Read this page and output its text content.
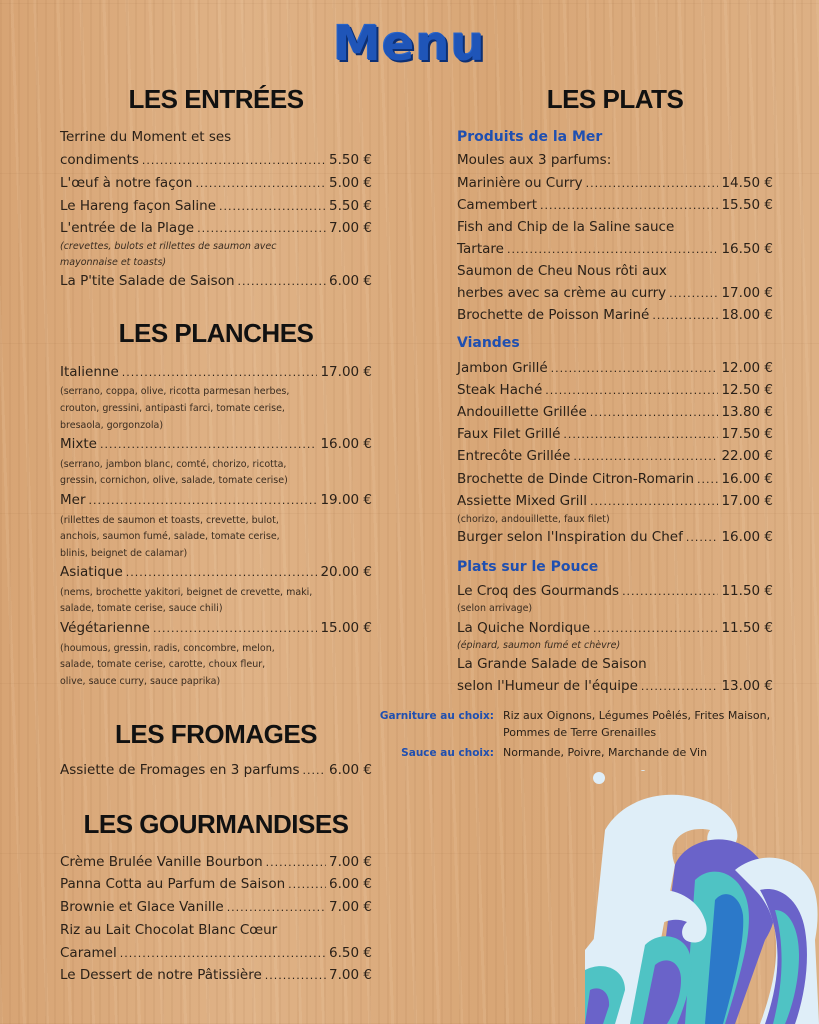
Menu
LES ENTRÉES
Terrine du Moment et ses
condiments .....	5.50 €
L'œuf à notre façon .....	5.00 €
Le Hareng façon Saline .....	5.50 €
L'entrée de la Plage .....	7.00 €
(crevettes, bulots et rillettes de saumon avec
mayonnaise et toasts)
La P'tite Salade de Saison .....	6.00 €
LES PLANCHES
Italienne .....	17.00 €
(serrano, coppa, olive, ricotta parmesan herbes,
crouton, gressini, antipasti farci, tomate cerise,
bresaola, gorgonzola)
Mixte .....	16.00 €
(serrano, jambon blanc, comté, chorizo, ricotta,
gressin, cornichon, olive, salade, tomate cerise)
Mer .....	19.00 €
(rillettes de saumon et toasts, crevette, bulot,
anchois, saumon fumé, salade, tomate cerise,
blinis, beignet de calamar)
Asiatique .....	20.00 €
(nems, brochette yakitori, beignet de crevette, maki,
salade, tomate cerise, sauce chili)
Végétarienne .....	15.00 €
(houmous, gressin, radis, concombre, melon,
salade, tomate cerise, carotte, choux fleur,
olive, sauce curry, sauce paprika)
LES FROMAGES
Assiette de Fromages en 3 parfums ..... 6.00 €
LES GOURMANDISES
Crème Brulée Vanille Bourbon .....	7.00 €
Panna Cotta au Parfum de Saison .....	6.00 €
Brownie et Glace Vanille .....	7.00 €
Riz au Lait Chocolat Blanc Cœur
Caramel .....	6.50 €
Le Dessert de notre Pâtissière .....	7.00 €
LES PLATS
Produits de la Mer
Moules aux 3 parfums:
Marinière ou Curry .....	14.50 €
Camembert .....	15.50 €
Fish and Chip de la Saline sauce
Tartare .....	16.50 €
Saumon de Cheu Nous rôti aux
herbes avec sa crème au curry .....	17.00 €
Brochette de Poisson Mariné .....	18.00 €
Viandes
Jambon Grillé .....	12.00 €
Steak Haché .....	12.50 €
Andouillette Grillée .....	13.80 €
Faux Filet Grillé .....	17.50 €
Entrecôte Grillée .....	22.00 €
Brochette de Dinde Citron-Romarin ..... 16.00 €
Assiette Mixed Grill .....	17.00 €
(chorizo, andouillette, faux filet)
Burger selon l'Inspiration du Chef .....	16.00 €
Plats sur le Pouce
Le Croq des Gourmands .....	11.50 €
(selon arrivage)
La Quiche Nordique .....	11.50 €
(épinard, saumon fumé et chèvre)
La Grande Salade de Saison
selon l'Humeur de l'équipe .....	13.00 €
Garniture au choix: Riz aux Oignons, Légumes Poêlés, Frites Maison,
Pommes de Terre Grenailles
Sauce au choix: Normande, Poivre, Marchande de Vin
